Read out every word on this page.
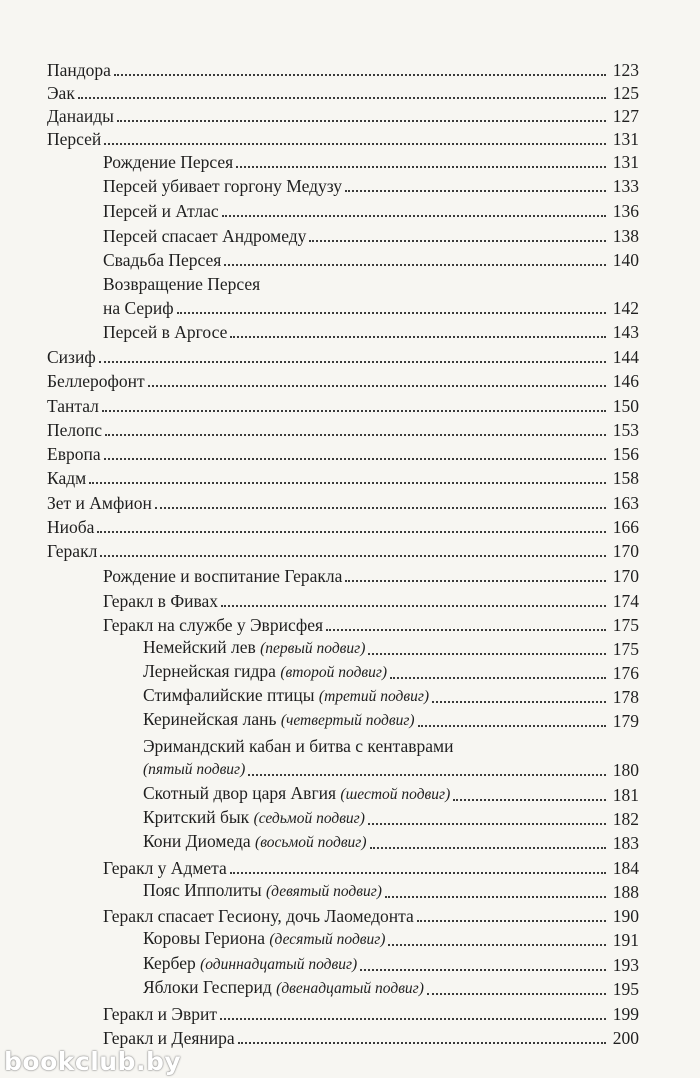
Пандора	123
Эак	125
Данаиды	127
Персей	131
Рождение Персея	131
Персей убивает горгону Медузу	133
Персей и Атлас	136
Персей спасает Андромеду	138
Свадьба Персея	140
Возвращение Персея
на Сериф	142
Персей в Аргосе	143
Сизиф	144
Беллерофонт	146
Тантал	150
Пелопс	153
Европа	156
Кадм	158
Зет и Амфион	163
Ниоба	166
Геракл	170
Рождение и воспитание Геракла	170
Геракл в Фивах	174
Геракл на службе у Эврисфея	175
Немейский лев (первый подвиг)	175
Лернейская гидра (второй подвиг)	176
Стимфалийские птицы (третий подвиг)	178
Керинейская лань (четвертый подвиг)	179
Эримандский кабан и битва с кентаврами
(пятый подвиг)	180
Скотный двор царя Авгия (шестой подвиг)	181
Критский бык (седьмой подвиг)	182
Кони Диомеда (восьмой подвиг)	183
Геракл у Адмета	184
Пояс Ипполиты (девятый подвиг)	188
Геракл спасает Гесиону, дочь Лаомедонта	190
Коровы Гериона (десятый подвиг)	191
Кербер (одиннадцатый подвиг)	193
Яблоки Гесперид (двенадцатый подвиг)	195
Геракл и Эврит	199
Геракл и Деянира	200
bookclub.by
